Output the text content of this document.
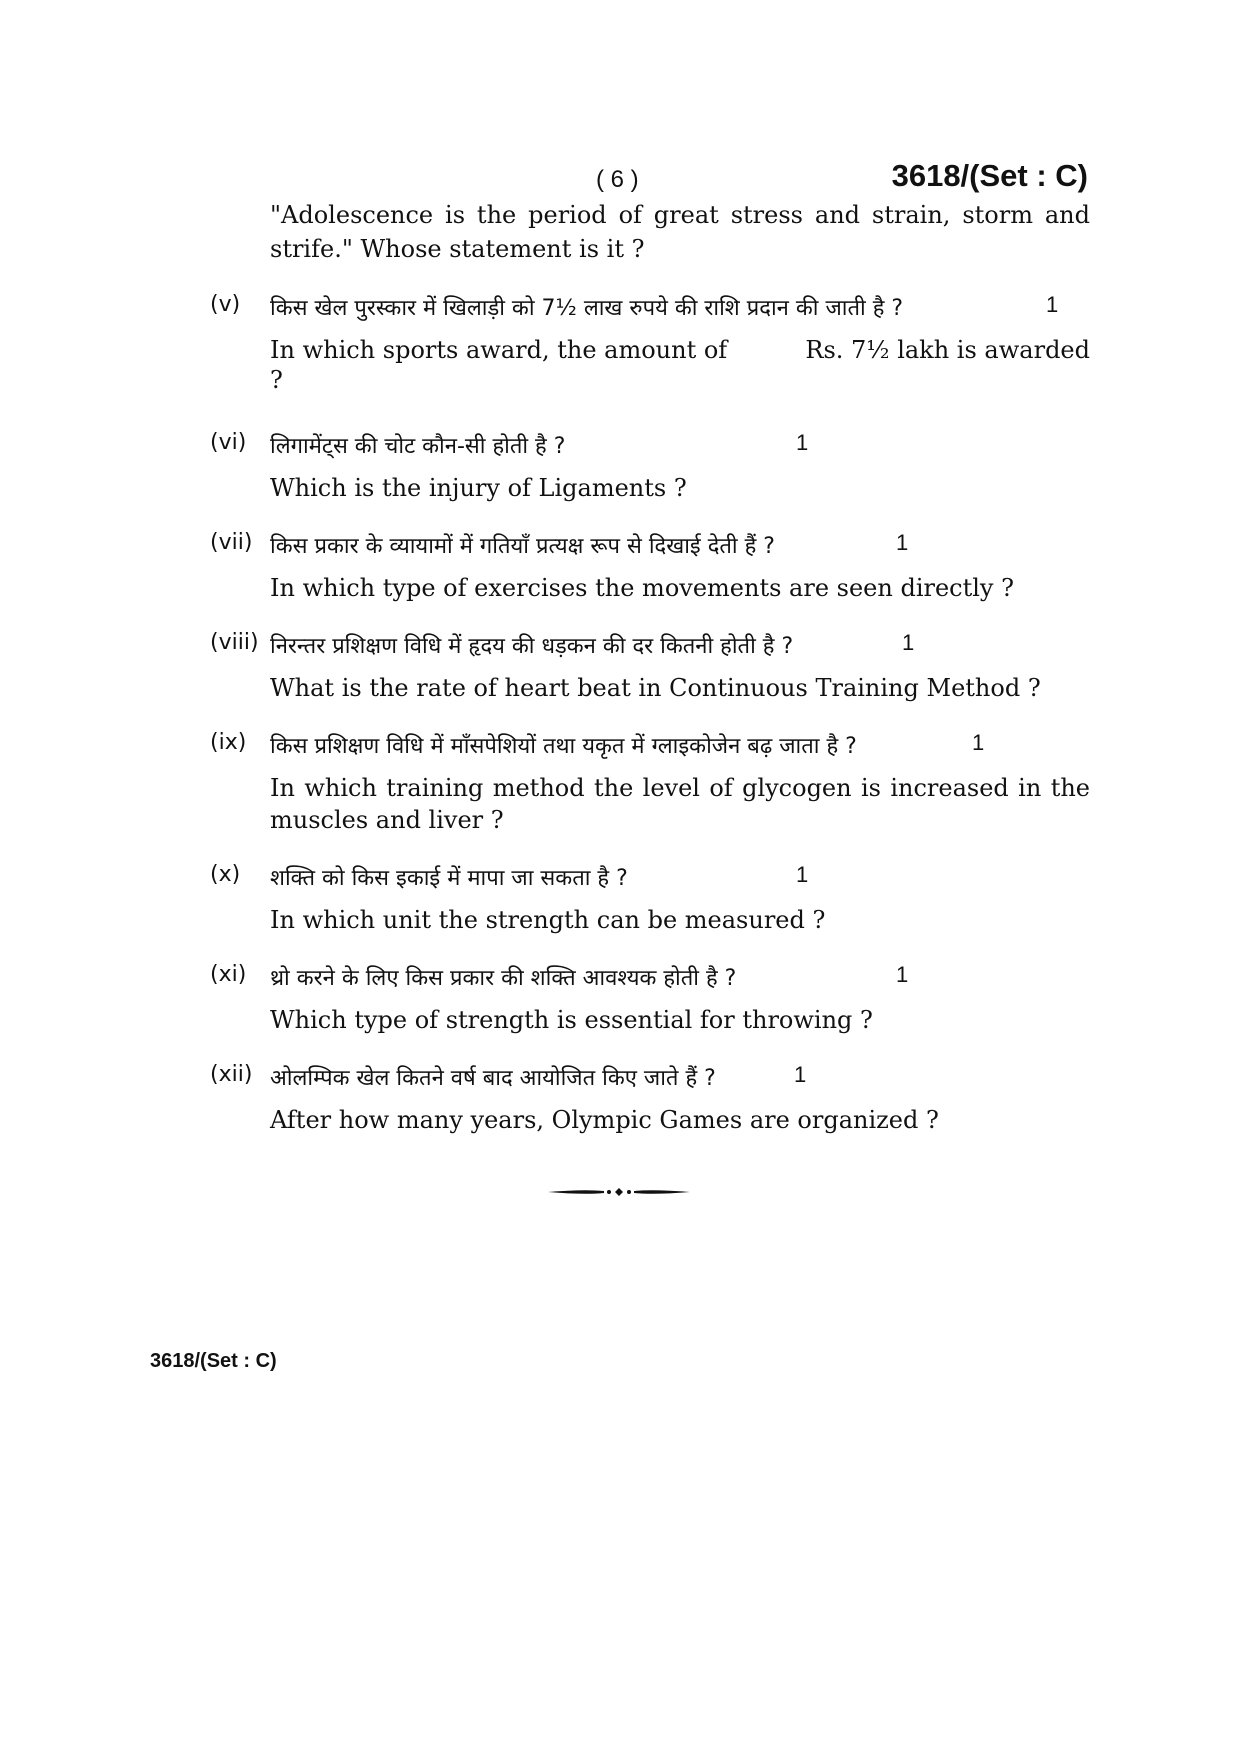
( 6 )	3618/(Set : C)
"Adolescence is the period of great stress and strain, storm and strife." Whose statement is it ?
(v) किस खेल पुरस्कार में खिलाड़ी को 7½ लाख रुपये की राशि प्रदान की जाती है ?	1
In which sports award, the amount of	Rs. 7½ lakh is awarded
?
(vi) लिगामेंट्स की चोट कौन-सी होती है ?	1
Which is the injury of Ligaments ?
(vii) किस प्रकार के व्यायामों में गतियाँ प्रत्यक्ष रूप से दिखाई देती हैं ?	1
In which type of exercises the movements are seen directly ?
(viii) निरन्तर प्रशिक्षण विधि में हृदय की धड़कन की दर कितनी होती है ?	1
What is the rate of heart beat in Continuous Training Method ?
(ix) किस प्रशिक्षण विधि में माँसपेशियों तथा यकृत में ग्लाइकोजेन बढ़ जाता है ?	1
In which training method the level of glycogen is increased in the muscles and liver ?
(x) शक्ति को किस इकाई में मापा जा सकता है ?	1
In which unit the strength can be measured ?
(xi) थ्रो करने के लिए किस प्रकार की शक्ति आवश्यक होती है ?	1
Which type of strength is essential for throwing ?
(xii) ओलम्पिक खेल कितने वर्ष बाद आयोजित किए जाते हैं ?	1
After how many years, Olympic Games are organized ?
3618/(Set : C)
